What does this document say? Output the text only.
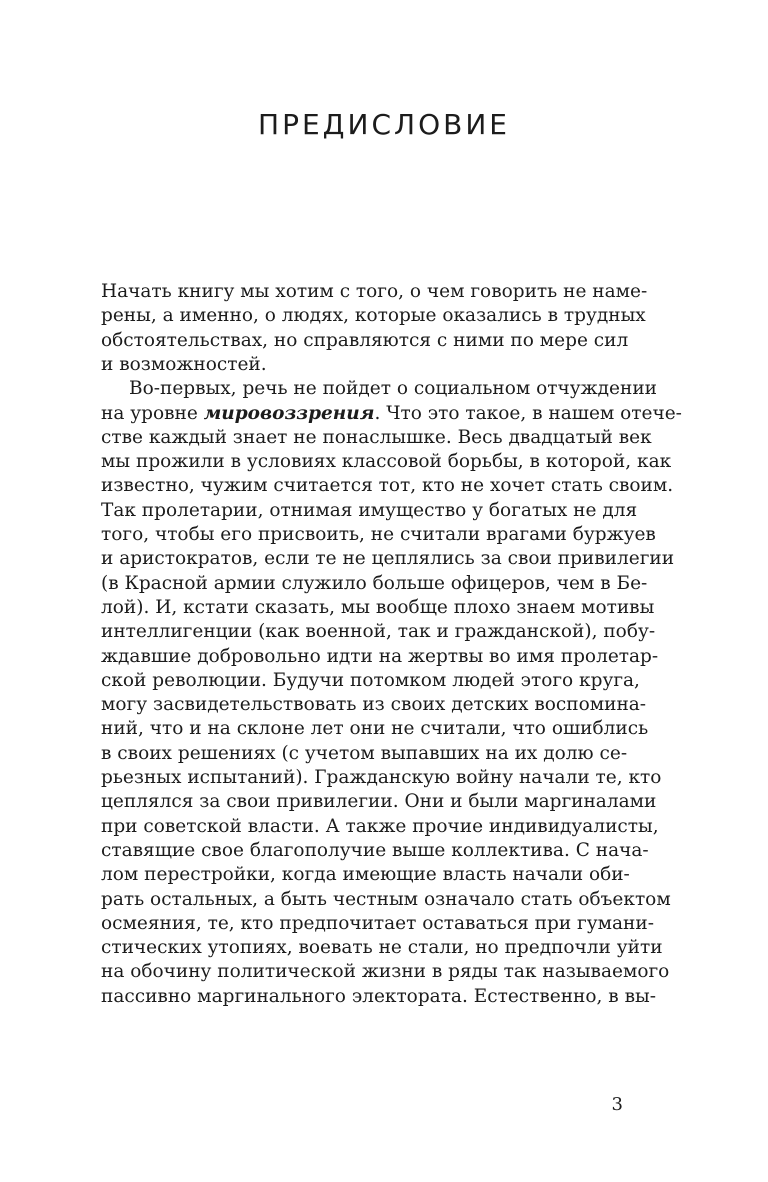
ПРЕДИСЛОВИЕ
Начать книгу мы хотим с того, о чем говорить не наме-
рены, а именно, о людях, которые оказались в трудных
обстоятельствах, но справляются с ними по мере сил
и возможностей.
Во-первых, речь не пойдет о социальном отчуждении
на уровне мировоззрения. Что это такое, в нашем отече-
стве каждый знает не понаслышке. Весь двадцатый век
мы прожили в условиях классовой борьбы, в которой, как
известно, чужим считается тот, кто не хочет стать своим.
Так пролетарии, отнимая имущество у богатых не для
того, чтобы его присвоить, не считали врагами буржуев
и аристократов, если те не цеплялись за свои привилегии
(в Красной армии служило больше офицеров, чем в Бе-
лой). И, кстати сказать, мы вообще плохо знаем мотивы
интеллигенции (как военной, так и гражданской), побу-
ждавшие добровольно идти на жертвы во имя пролетар-
ской революции. Будучи потомком людей этого круга,
могу засвидетельствовать из своих детских воспомина-
ний, что и на склоне лет они не считали, что ошиблись
в своих решениях (с учетом выпавших на их долю се-
рьезных испытаний). Гражданскую войну начали те, кто
цеплялся за свои привилегии. Они и были маргиналами
при советской власти. А также прочие индивидуалисты,
ставящие свое благополучие выше коллектива. С нача-
лом перестройки, когда имеющие власть начали оби-
рать остальных, а быть честным означало стать объектом
осмеяния, те, кто предпочитает оставаться при гумани-
стических утопиях, воевать не стали, но предпочли уйти
на обочину политической жизни в ряды так называемого
пассивно маргинального электората. Естественно, в вы-
3
